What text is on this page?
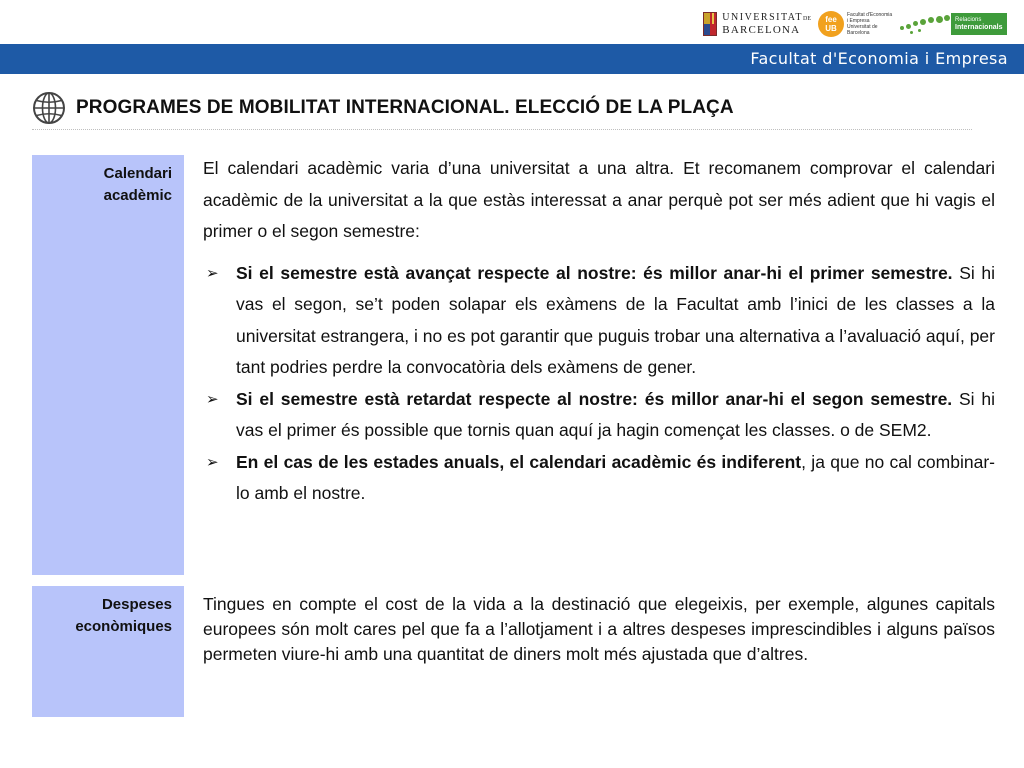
UNIVERSITATDE
BARCELONA
fee
UB
Facultat d'Economia i Empresa Universitat de Barcelona
Relacions
Internacionals
Facultat d'Economia i Empresa
PROGRAMES DE MOBILITAT INTERNACIONAL. ELECCIÓ DE LA PLAÇA
Calendari
acadèmic

El calendari acadèmic varia d’una universitat a una altra. Et recomanem comprovar el calendari acadèmic de la universitat a la que estàs interessat a anar perquè pot ser més adient que hi vagis el primer o el segon semestre:

➢ Si el semestre està avançat respecte al nostre: és millor anar-hi el primer semestre. Si hi vas el segon, se’t poden solapar els exàmens de la Facultat amb l’inici de les classes a la universitat estrangera, i no es pot garantir que puguis trobar una alternativa a l’avaluació aquí, per tant podries perdre la convocatòria dels exàmens de gener.
➢ Si el semestre està retardat respecte al nostre: és millor anar-hi el segon semestre. Si hi vas el primer és possible que tornis quan aquí ja hagin començat les classes. o de SEM2.
➢ En el cas de les estades anuals, el calendari acadèmic és indiferent, ja que no cal combinar-lo amb el nostre.
Despeses
econòmiques

Tingues en compte el cost de la vida a la destinació que elegeixis, per exemple, algunes capitals europees són molt cares pel que fa a l’allotjament i a altres despeses imprescindibles i alguns països permeten viure-hi amb una quantitat de diners molt més ajustada que d’altres.
